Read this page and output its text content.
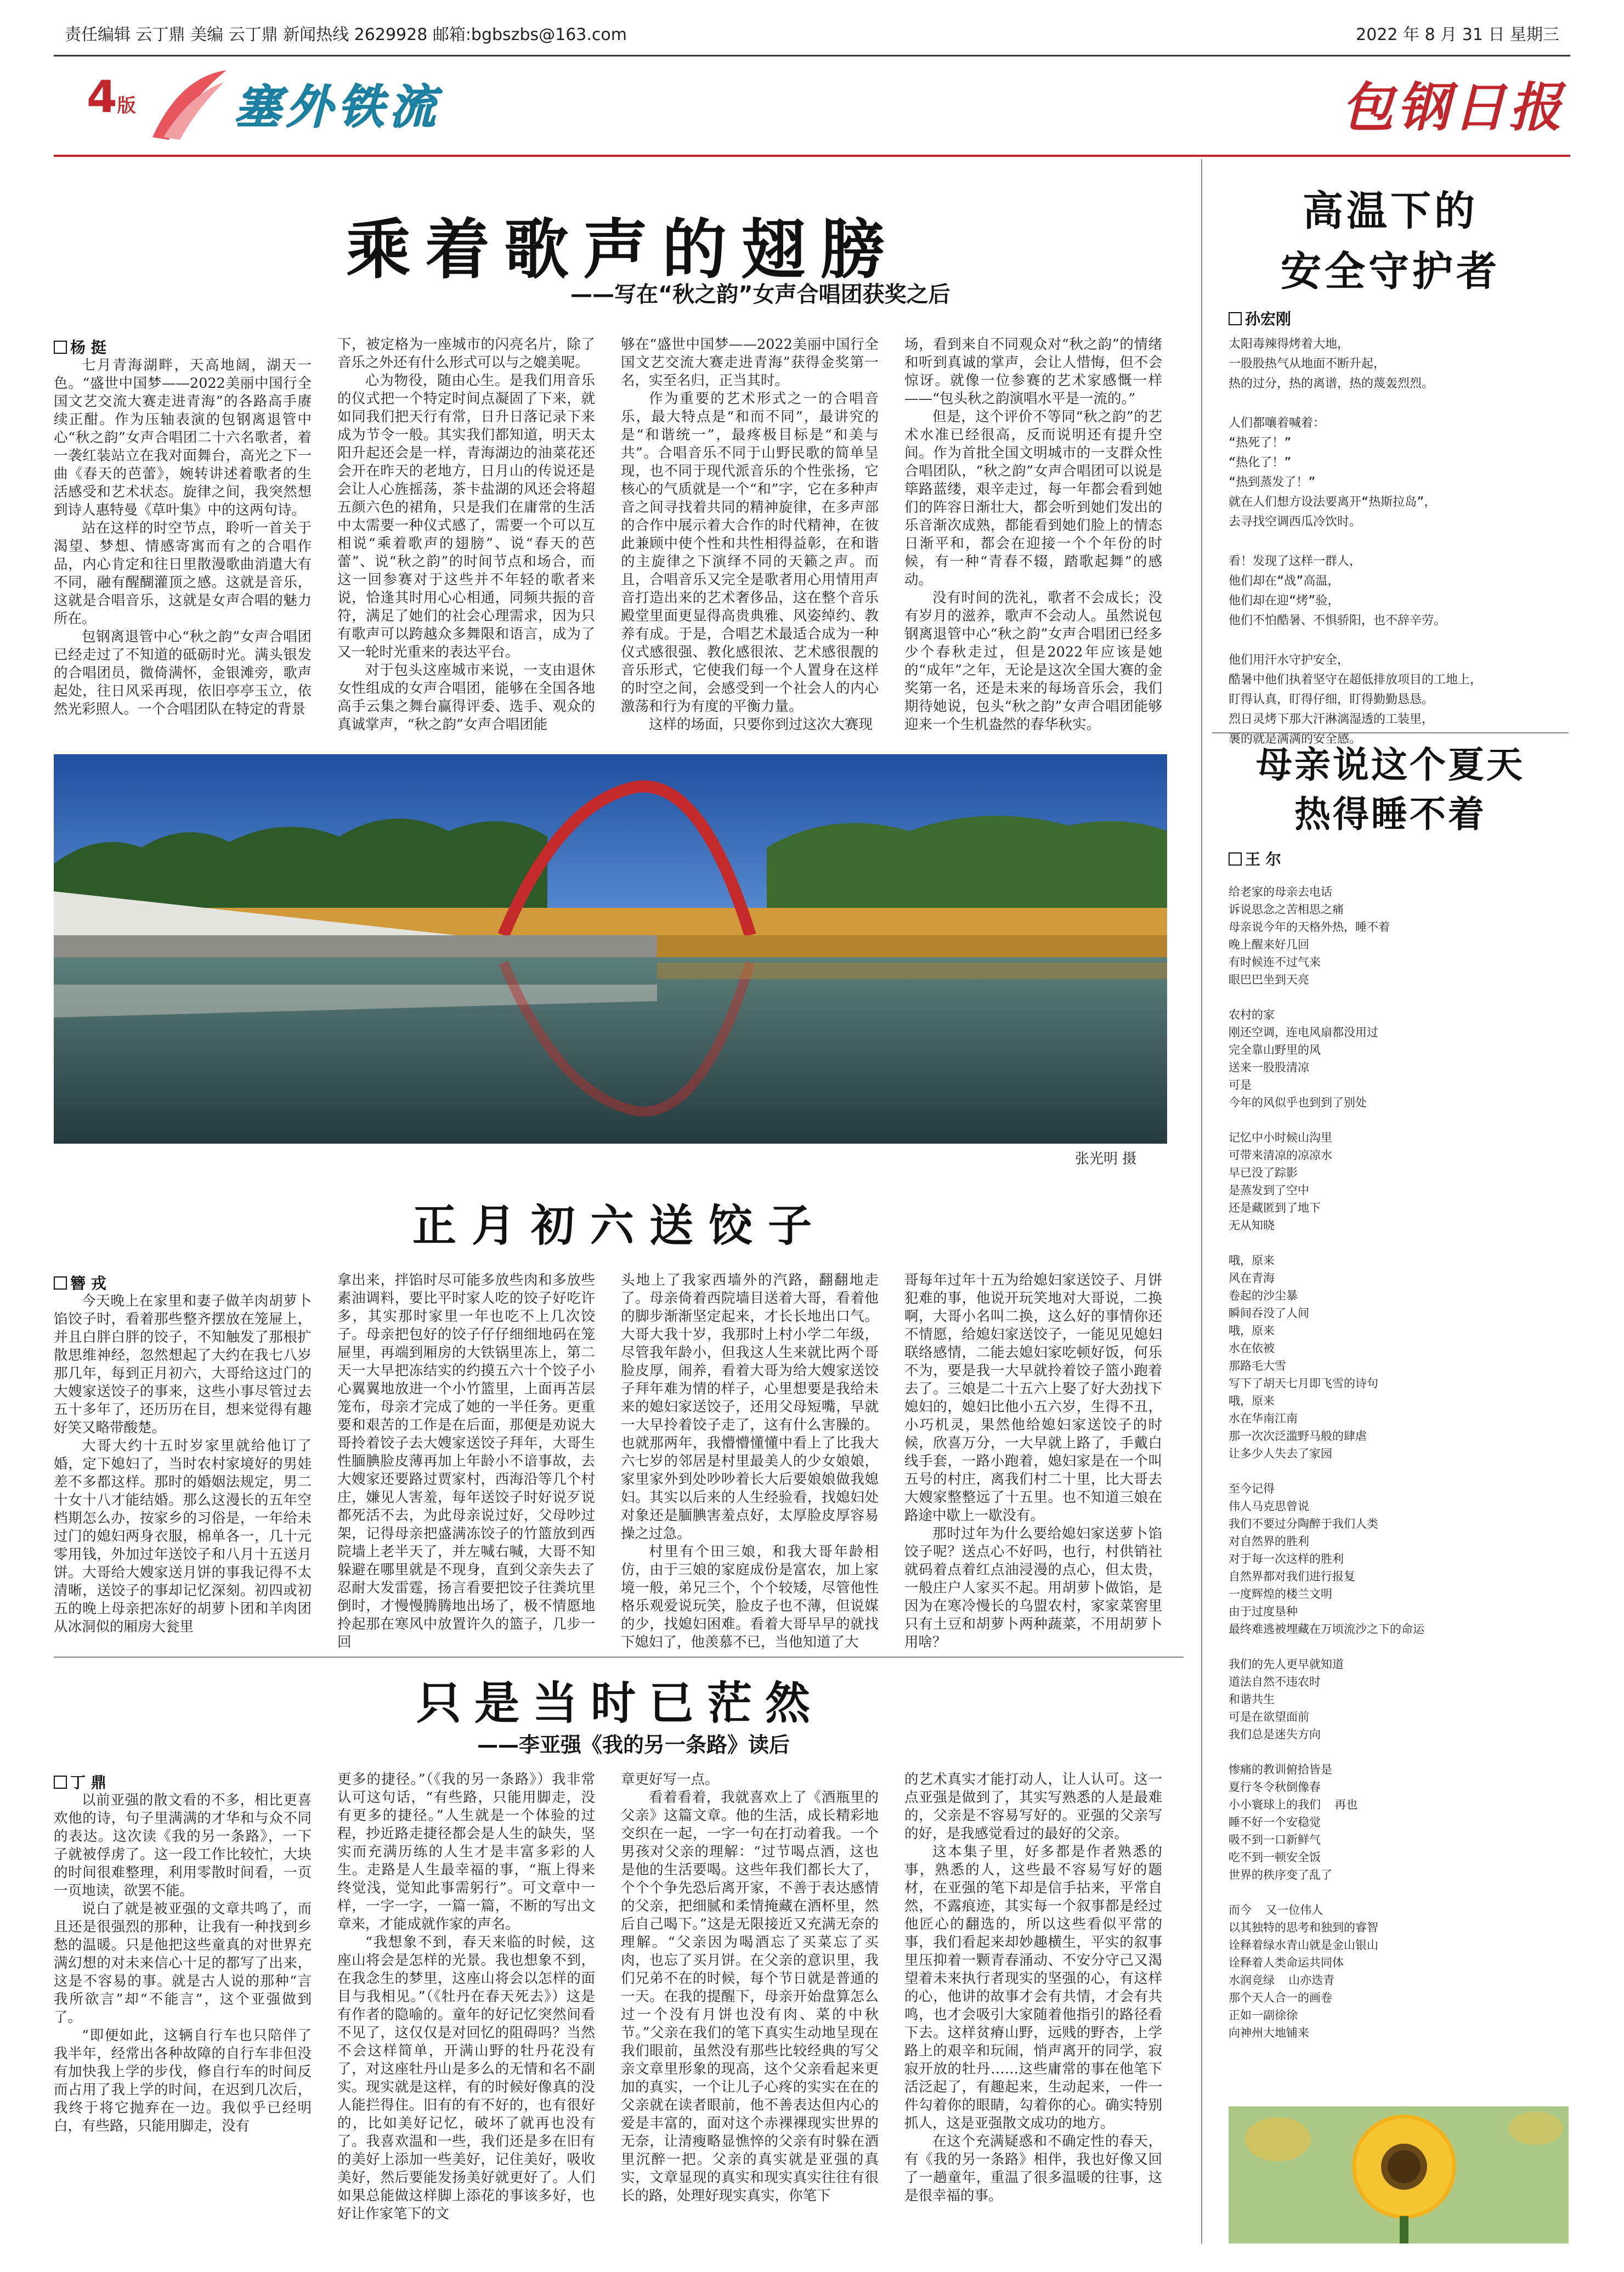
责任编辑 云丁鼎 美编 云丁鼎 新闻热线 2629928 邮箱:bgbszbs@163.com	2022 年 8 月 31 日 星期三
4版 塞外铁流	包钢日报
乘着歌声的翅膀
——写在“秋之韵”女声合唱团获奖之后
杨 挺

七月青海湖畔，天高地阔，湖天一色。“盛世中国梦——2022美丽中国行全国文艺交流大赛走进青海”的各路高手赓续正酣。作为压轴表演的包钢离退管中心“秋之韵”女声合唱团二十六名歌者，着一袭红装站立在我对面舞台，高光之下一曲《春天的芭蕾》，婉转讲述着歌者的生活感受和艺术状态。旋律之间，我突然想到诗人惠特曼《草叶集》中的这两句诗。

站在这样的时空节点，聆听一首关于渴望、梦想、情感寄寓而有之的合唱作品，内心肯定和往日里散漫歌曲消遣大有不同，融有醒醐灌顶之感。这就是音乐，这就是合唱音乐，这就是女声合唱的魅力所在。

包钢离退管中心“秋之韵”女声合唱团已经走过了不知道的砥砺时光。满头银发的合唱团员，微倚满怀，金银滩旁，歌声起处，往日风采再现，依旧亭亭玉立，依然光彩照人。一个合唱团队在特定的背景

下，被定格为一座城市的闪亮名片，除了音乐之外还有什么形式可以与之媲美呢。

心为物役，随由心生。是我们用音乐的仪式把一个特定时间点凝固了下来，就如同我们把天行有常，日升日落记录下来成为节令一般。其实我们都知道，明天太阳升起还会是一样，青海湖边的油菜花还会开在昨天的老地方，日月山的传说还是会让人心旌摇荡，茶卡盐湖的风还会将超五颜六色的裙角，只是我们在庸常的生活中太需要一种仪式感了，需要一个可以互相说“乘着歌声的翅膀”、说“春天的芭蕾”、说“秋之韵”的时间节点和场合，而这一回参赛对于这些并不年轻的歌者来说，恰逢其时用心心相通，同频共振的音符，满足了她们的社会心理需求，因为只有歌声可以跨越众多舞限和语言，成为了又一轮时光重来的表达平台。

对于包头这座城市来说，一支由退休女性组成的女声合唱团，能够在全国各地高手云集之舞台赢得评委、选手、观众的真诚掌声，“秋之韵”女声合唱团能

够在“盛世中国梦——2022美丽中国行全国文艺交流大赛走进青海”获得金奖第一名，实至名归，正当其时。

作为重要的艺术形式之一的合唱音乐，最大特点是“和而不同”，最讲究的是“和谐统一”，最疼极目标是“和美与共”。合唱音乐不同于山野民歌的简单呈现，也不同于现代派音乐的个性张扬，它核心的气质就是一个“和”字，它在多种声音之间寻找着共同的精神旋律，在多声部的合作中展示着大合作的时代精神，在彼此兼顾中使个性和共性相得益彰，在和谐的主旋律之下演绎不同的天籁之声。而且，合唱音乐又完全是歌者用心用情用声音打造出来的艺术奢侈品，这在整个音乐殿堂里面更显得高贵典雅、风姿绰约、教养有成。于是，合唱艺术最适合成为一种仪式感很强、教化感很浓、艺术感很靓的音乐形式，它使我们每一个人置身在这样的时空之间，会感受到一个社会人的内心激荡和行为有度的平衡力量。

这样的场面，只要你到过这次大赛现

场，看到来自不同观众对“秋之韵”的情绪和听到真诚的掌声，会让人惜悔，但不会惊讶。就像一位参赛的艺术家感慨一样——“包头秋之韵演唱水平是一流的。”

但是，这个评价不等同“秋之韵”的艺术水准已经很高，反而说明还有提升空间。作为首批全国文明城市的一支群众性合唱团队，“秋之韵”女声合唱团可以说是筚路蓝缕，艰辛走过，每一年都会看到她们的阵容日渐壮大，都会听到她们发出的乐音渐次成熟，都能看到她们脸上的情态日渐平和，都会在迎接一个个年份的时候，有一种“青春不辍，踏歌起舞”的感动。

没有时间的洗礼，歌者不会成长；没有岁月的滋养，歌声不会动人。虽然说包钢离退管中心“秋之韵”女声合唱团已经多少个春秋走过，但是2022年应该是她的“成年”之年，无论是这次全国大赛的金奖第一名，还是未来的每场音乐会，我们期待她说，包头“秋之韵”女声合唱团能够迎来一个生机盎然的春华秋实。

张光明 摄
正月初六送饺子
簪 戎

今天晚上在家里和妻子做羊肉胡萝卜馅饺子时，看着那些整齐摆放在笼屉上，并且白胖白胖的饺子，不知触发了那根扩散思维神经，忽然想起了大约在我七八岁那几年，每到正月初六，大哥给这过门的大嫂家送饺子的事来，这些小事尽管过去五十多年了，还历历在目，想来觉得有趣好笑又略带酸楚。

大哥大约十五时岁家里就给他订了婚，定下媳妇了，当时农村家境好的男娃差不多都这样。那时的婚姻法规定，男二十女十八才能结婚。那么这漫长的五年空档期怎么办，按家乡的习俗是，一年给未过门的媳妇两身衣服，棉单各一，几十元零用钱，外加过年送饺子和八月十五送月饼。大哥给大嫂家送月饼的事我记得不太清晰，送饺子的事却记忆深刻。初四或初五的晚上母亲把冻好的胡萝卜团和羊肉团从冰洞似的厢房大瓮里

拿出来，拌馅时尽可能多放些肉和多放些素油调料，要比平时家人吃的饺子好吃许多，其实那时家里一年也吃不上几次饺子。母亲把包好的饺子仔仔细细地码在笼屉里，再端到厢房的大铁锅里冻上，第二天一大早把冻结实的约摸五六十个饺子小心翼翼地放进一个小竹篮里，上面再苫层笼布，母亲才完成了她的一半任务。更重要和艰苦的工作是在后面，那便是劝说大哥拎着饺子去大嫂家送饺子拜年，大哥生性腼腆脸皮薄再加上年龄小不谙事故，去大嫂家还要路过贾家村，西海沿等几个村庄，嫌见人害羞，每年送饺子时好说歹说都死活不去，为此母亲说过好，父母吵过架，记得母亲把盛满冻饺子的竹篮放到西院墙上老半天了，并左喊右喊，大哥不知躲避在哪里就是不现身，直到父亲失去了忍耐大发雷霆，扬言看要把饺子往粪坑里倒时，才慢慢腾腾地出场了，极不情愿地拎起那在寒风中放置许久的篮子，几步一回

头地上了我家西墙外的汽路，翻翻地走了。母亲倚着西院墙目送着大哥，看着他的脚步渐渐坚定起来，才长长地出口气。大哥大我十岁，我那时上村小学二年级，尽管我年龄小，但我这人生来就比两个哥脸皮厚，闹养，看着大哥为给大嫂家送饺子拜年难为情的样子，心里想要是我给未来的媳妇家送饺子，还用父母短嘴，早就一大早拎着饺子走了，这有什么害臊的。也就那两年，我懵懵懂懂中看上了比我大六七岁的邻居是村里最美人的少女娘娘，家里家外到处吵吵着长大后要娘娘做我媳妇。其实以后来的人生经验看，找媳妇处对象还是腼腆害羞点好，太厚脸皮厚容易操之过急。

村里有个田三娘，和我大哥年龄相仿，由于三娘的家庭成份是富农，加上家境一般，弟兄三个，个个较矮，尽管他性格乐观爱说玩笑，脸皮子也不薄，但说媒的少，找媳妇困难。看着大哥早早的就找下媳妇了，他羡慕不已，当他知道了大

哥每年过年十五为给媳妇家送饺子、月饼犯难的事，他说开玩笑地对大哥说，二换啊，大哥小名叫二换，这么好的事情你还不情愿，给媳妇家送饺子，一能见见媳妇联络感情，二能去媳妇家吃顿好饭，何乐不为，要是我一大早就拎着饺子篮小跑着去了。三娘是二十五六上娶了好大劲找下媳妇的，媳妇比他小五六岁，生得不丑，小巧机灵，果然他给媳妇家送饺子的时候，欣喜万分，一大早就上路了，手戴白线手套，一路小跑着，媳妇家是在一个叫五号的村庄，离我们村二十里，比大哥去大嫂家整整远了十五里。也不知道三娘在路途中歇上一歇没有。

那时过年为什么要给媳妇家送萝卜馅饺子呢？送点心不好吗，也行，村供销社就码着点着红点油浸漫的点心，但太贵，一般庄户人家买不起。用胡萝卜做馅，是因为在寒冷慢长的乌盟农村，家家菜窖里只有土豆和胡萝卜两种蔬菜，不用胡萝卜用啥？

只是当时已茫然
——李亚强《我的另一条路》读后
丁 鼎

以前亚强的散文看的不多，相比更喜欢他的诗，句子里满满的才华和与众不同的表达。这次读《我的另一条路》，一下子就被俘虏了。这一段工作比较忙，大块的时间很难整理，利用零散时间看，一页一页地读，欲罢不能。

说白了就是被亚强的文章共鸣了，而且还是很强烈的那种，让我有一种找到乡愁的温暖。只是他把这些童真的对世界充满幻想的对未来信心十足的都写了出来，这是不容易的事。就是古人说的那种“言我所欲言”却“不能言”，这个亚强做到了。

“即便如此，这辆自行车也只陪伴了我半年，经常出各种故障的自行车非但没有加快我上学的步伐，修自行车的时间反而占用了我上学的时间，在迟到几次后，我终于将它抛弃在一边。我似乎已经明白，有些路，只能用脚走，没有

更多的捷径。”（《我的另一条路》）我非常认可这句话，“有些路，只能用脚走，没有更多的捷径。”人生就是一个体验的过程，抄近路走捷径都会是人生的缺失，坚实而充满历练的人生才是丰富多彩的人生。走路是人生最幸福的事，“瓶上得来终觉浅，觉知此事需躬行”。可文章中一样，一字一字，一篇一篇，不断的写出文章来，才能成就作家的声名。

“我想象不到，春天来临的时候，这座山将会是怎样的光景。我也想象不到，在我念生的梦里，这座山将会以怎样的面目与我相见。”（《牡丹在春天死去》）这是有作者的隐喻的。童年的好记忆突然间看不见了，这仅仅是对回忆的阻碍吗？当然不会这样简单，开满山野的牡丹花没有了，对这座牡丹山是多么的无情和名不副实。现实就是这样，有的时候好像真的没人能拦得住。旧有的有不好的，也有很好的，比如美好记忆，破坏了就再也没有了。我喜欢温和一些，我们还是多在旧有的美好上添加一些美好，记住美好，吸收美好，然后要能发扬美好就更好了。人们如果总能做这样脚上添花的事该多好，也好让作家笔下的文

章更好写一点。

看着看着，我就喜欢上了《酒瓶里的父亲》这篇文章。他的生活，成长精彩地交织在一起，一字一句在打动着我。一个男孩对父亲的理解：“过节喝点酒，这也是他的生活要喝。这些年我们都长大了，个个个争先恐后离开家，不善于表达感情的父亲，把细腻和柔情掩藏在酒杯里，然后自己喝下。”这是无限接近又充满无奈的理解。“父亲因为喝酒忘了买菜忘了买肉，也忘了买月饼。在父亲的意识里，我们兄弟不在的时候，每个节日就是普通的一天。在我的提醒下，母亲开始盘算怎么过一个没有月饼也没有肉、菜的中秋节。”父亲在我们的笔下真实生动地呈现在我们眼前，虽然没有那些比较经典的写父亲文章里形象的现高，这个父亲看起来更加的真实，一个让儿子心疼的实实在在的父亲就在读者眼前，他不善表达但内心的爱是丰富的，面对这个赤裸裸现实世界的无奈，让清瘦略显憔悴的父亲有时躲在酒里沉醉一把。父亲的真实就是亚强的真实，文章显现的真实和现实真实往往有很长的路，处理好现实真实，你笔下

的艺术真实才能打动人，让人认可。这一点亚强是做到了，其实写熟悉的人是最难的，父亲是不容易写好的。亚强的父亲写的好，是我感觉看过的最好的父亲。

这本集子里，好多都是作者熟悉的事，熟悉的人，这些最不容易写好的题材，在亚强的笔下却是信手拈来，平常自然，不露痕迹，其实每一个叙事都是经过他匠心的翻选的，所以这些看似平常的事，我们看起来却妙趣横生，平实的叙事里压抑着一颗青春涌动、不安分守己又渴望着未来执行者现实的坚强的心，有这样的心，他讲的故事才会有共情，才会有共鸣，也才会吸引大家随着他指引的路径看下去。这样贫瘠山野，远贱的野杏，上学路上的艰辛和玩闹，悄声离开的同学，寂寂开放的牡丹……这些庸常的事在他笔下活泛起了，有趣起来，生动起来，一件一件勾着你的眼睛，勾着你的心。确实特别抓人，这是亚强散文成功的地方。

在这个充满疑惑和不确定性的春天，有《我的另一条路》相伴，我也好像又回了一趟童年，重温了很多温暖的往事，这是很幸福的事。

高温下的
安全守护者
孙宏刚
太阳毒辣得烤着大地，
一股股热气从地面不断升起，
热的过分，热的离谱，热的蔑轰烈烈。

人们都嚷着喊着：
“热死了！”
“热化了！”
“热到蒸发了！”
就在人们想方设法要离开“热斯拉岛”，
去寻找空调西瓜冷饮时。

看！发现了这样一群人，
他们却在“战”高温，
他们却在迎“烤”验，
他们不怕酷暑、不惧骄阳，也不辞辛劳。

他们用汗水守护安全，
酷暑中他们执着坚守在超低排放项目的工地上，
盯得认真，盯得仔细，盯得勤勤恳恳。
烈日灵烤下那大汗淋漓湿透的工装里，
裹的就是满满的安全感。
母亲说这个夏天
热得睡不着
王 尔
给老家的母亲去电话
诉说思念之苦相思之痛
母亲说今年的天格外热，睡不着
晚上醒来好几回
有时候连不过气来
眼巴巴坐到天亮

农村的家
刚还空调，连电风扇都没用过
完全靠山野里的风
送来一股股清凉
可是
今年的风似乎也到到了别处

记忆中小时候山沟里
可带来清凉的凉凉水
早已没了踪影
是蒸发到了空中
还是藏匿到了地下
无从知晓

哦，原来
风在青海
卷起的沙尘暴
瞬间吞没了人间
哦，原来
水在依被
那路毛大雪
写下了胡天七月即飞雪的诗句
哦，原来
水在华南江南
那一次次泛滥野马般的肆虐
让多少人失去了家园

至今记得
伟人马克思曾说
我们不要过分陶醉于我们人类
对自然界的胜利
对于每一次这样的胜利
自然界都对我们进行报复
一度辉煌的楼兰文明
由于过度垦种
最终难逃被埋藏在万顷流沙之下的命运

我们的先人更早就知道
道法自然不违农时
和谐共生
可是在欲望面前
我们总是迷失方向

惨痛的教训俯拾皆是
夏行冬令秋倒像春
小小寰球上的我们  再也
睡不好一个安稳觉
吸不到一口新鲜气
吃不到一顿安全饭
世界的秩序变了乱了

而今  又一位伟人
以其独特的思考和独到的睿智
诠释着绿水青山就是金山银山
诠释着人类命运共同体
水润竞绿  山亦迭青
那个天人合一的画卷
正如一副徐徐
向神州大地铺来
